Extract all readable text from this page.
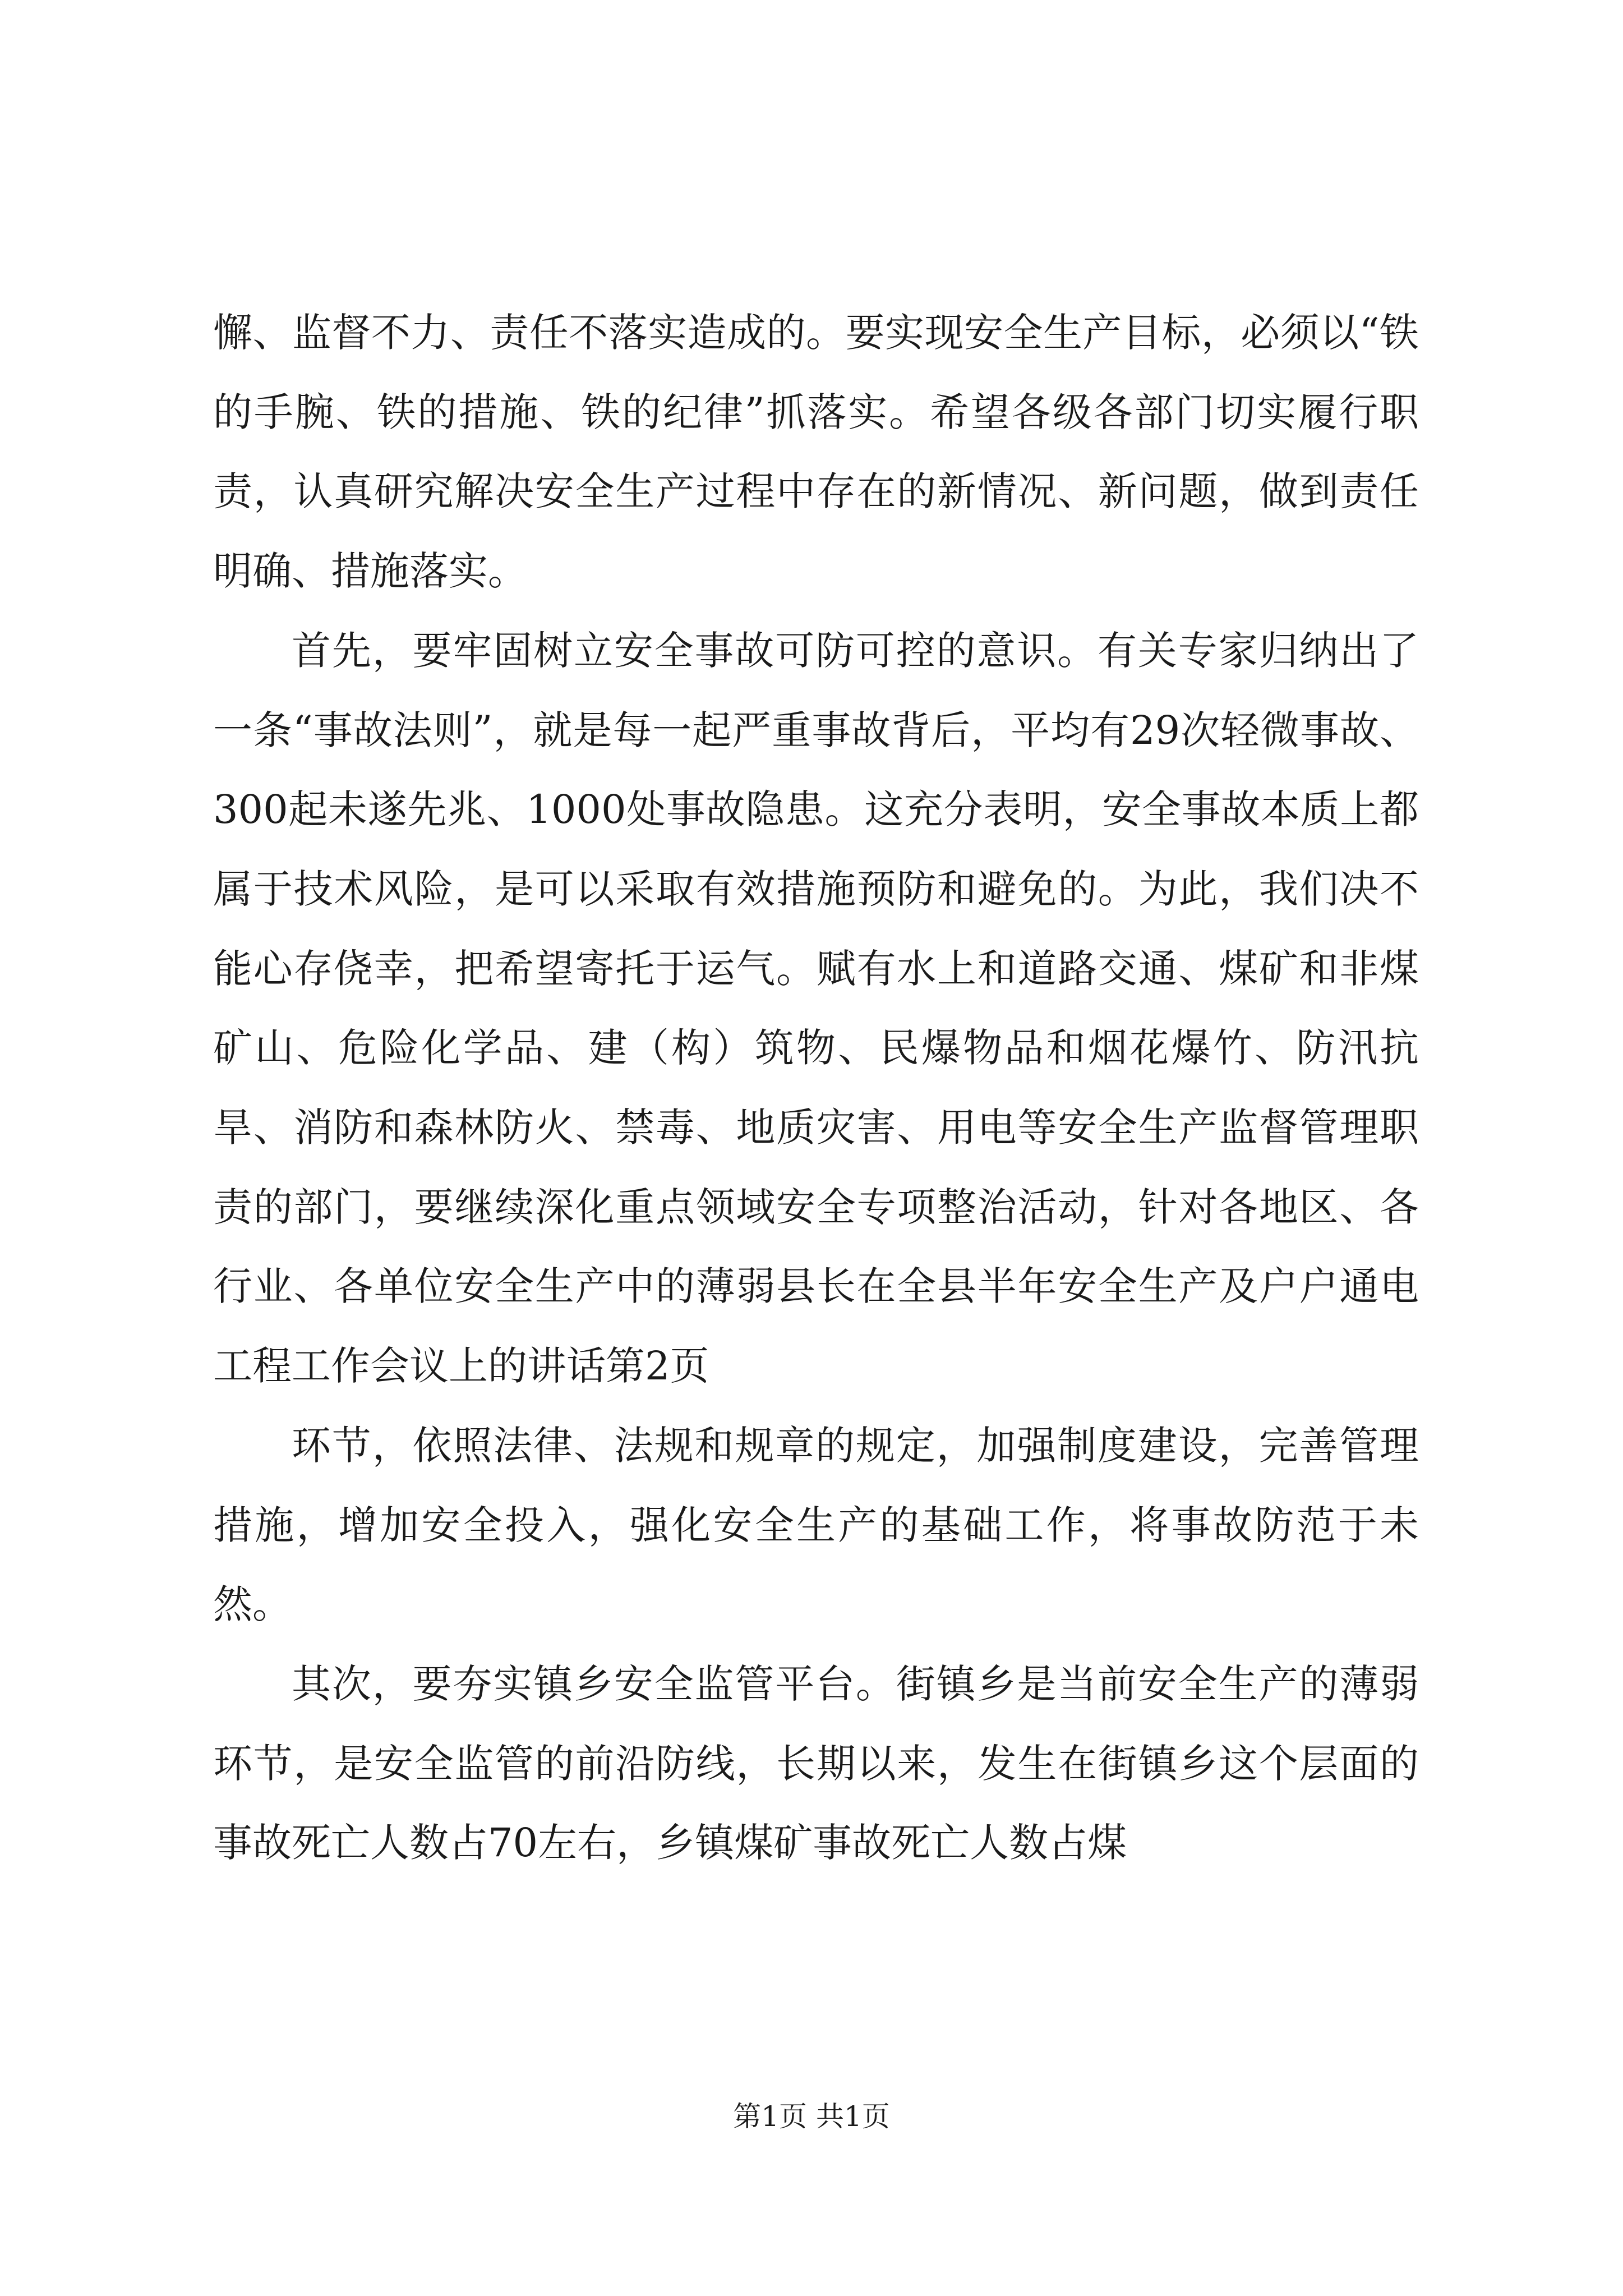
懈、监督不力、责任不落实造成的。要实现安全生产目标，必须以“铁的手腕、铁的措施、铁的纪律”抓落实。希望各级各部门切实履行职责，认真研究解决安全生产过程中存在的新情况、新问题，做到责任明确、措施落实。

首先，要牢固树立安全事故可防可控的意识。有关专家归纳出了一条“事故法则”，就是每一起严重事故背后，平均有29次轻微事故、300起未遂先兆、1000处事故隐患。这充分表明，安全事故本质上都属于技术风险，是可以采取有效措施预防和避免的。为此，我们决不能心存侥幸，把希望寄托于运气。赋有水上和道路交通、煤矿和非煤矿山、危险化学品、建（构）筑物、民爆物品和烟花爆竹、防汛抗旱、消防和森林防火、禁毒、地质灾害、用电等安全生产监督管理职责的部门，要继续深化重点领域安全专项整治活动，针对各地区、各行业、各单位安全生产中的薄弱县长在全县半年安全生产及户户通电工程工作会议上的讲话第2页

环节，依照法律、法规和规章的规定，加强制度建设，完善管理措施，增加安全投入，强化安全生产的基础工作，将事故防范于未然。

其次，要夯实镇乡安全监管平台。街镇乡是当前安全生产的薄弱环节，是安全监管的前沿防线，长期以来，发生在街镇乡这个层面的事故死亡人数占70左右，乡镇煤矿事故死亡人数占煤

第1页 共1页
